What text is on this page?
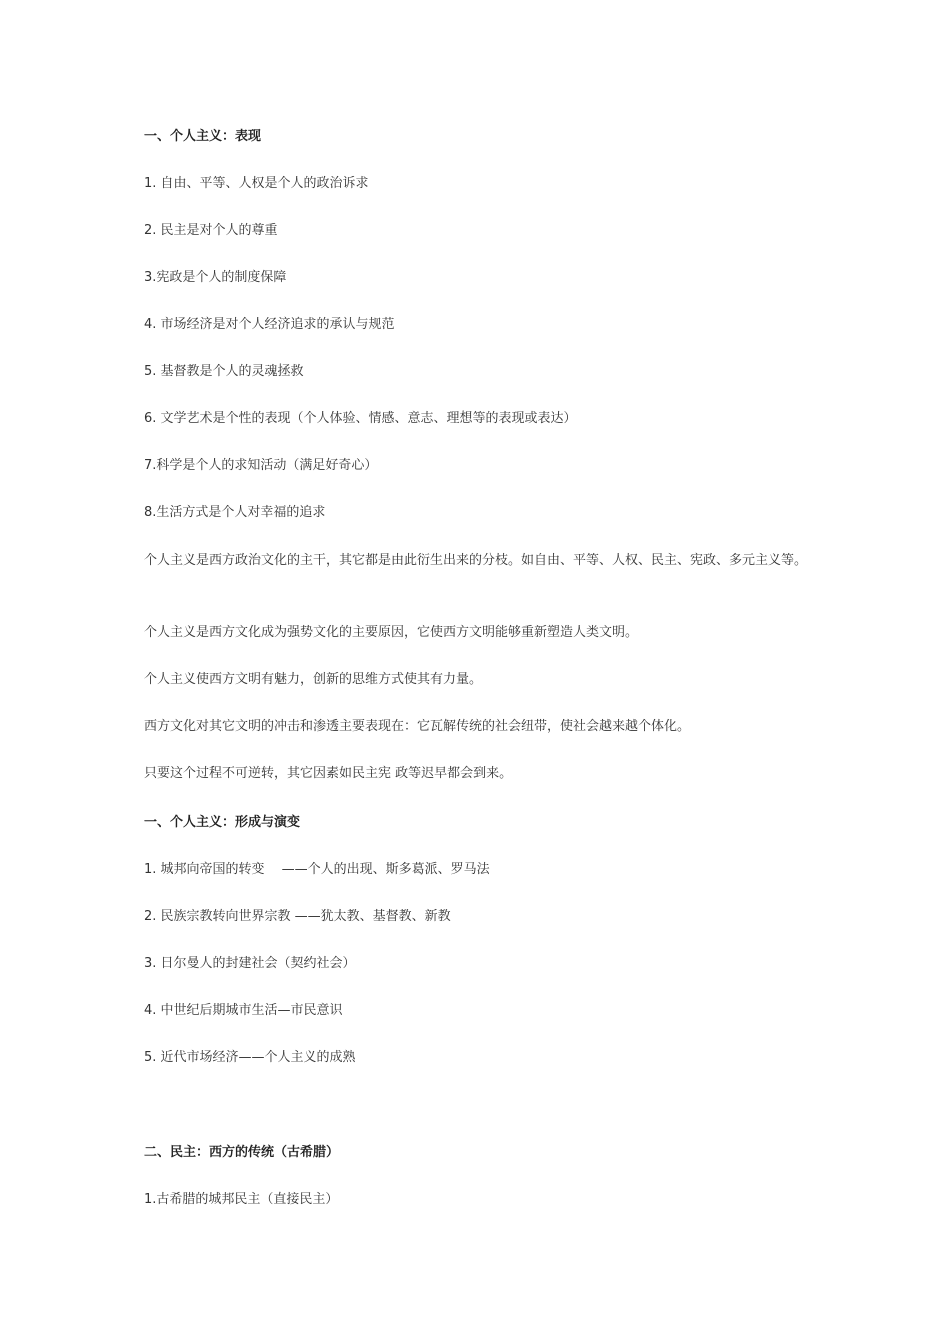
一、个人主义：表现
1. 自由、平等、人权是个人的政治诉求
2. 民主是对个人的尊重
3.宪政是个人的制度保障
4. 市场经济是对个人经济追求的承认与规范
5. 基督教是个人的灵魂拯救
6. 文学艺术是个性的表现（个人体验、情感、意志、理想等的表现或表达）
7.科学是个人的求知活动（满足好奇心）
8.生活方式是个人对幸福的追求
个人主义是西方政治文化的主干，其它都是由此衍生出来的分枝。如自由、平等、人权、民主、宪政、多元主义等。
个人主义是西方文化成为强势文化的主要原因，它使西方文明能够重新塑造人类文明。
个人主义使西方文明有魅力，创新的思维方式使其有力量。
西方文化对其它文明的冲击和渗透主要表现在：它瓦解传统的社会纽带，使社会越来越个体化。
只要这个过程不可逆转，其它因素如民主宪 政等迟早都会到来。
一、个人主义：形成与演变
1. 城邦向帝国的转变　 ——个人的出现、斯多葛派、罗马法
2. 民族宗教转向世界宗教 ——犹太教、基督教、新教
3. 日尔曼人的封建社会（契约社会）
4. 中世纪后期城市生活—市民意识
5. 近代市场经济——个人主义的成熟
二、民主：西方的传统（古希腊）
1.古希腊的城邦民主（直接民主）
